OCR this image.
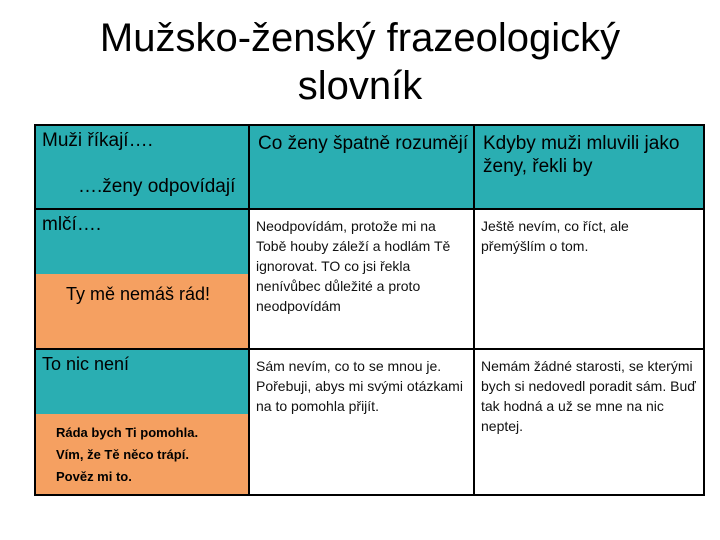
Mužsko-ženský frazeologický
slovník
Muži říkají….
….ženy odpovídají	Co ženy špatně rozumějí	Kdyby muži mluvili jako ženy, řekli by

mlčí….
Ty mě nemáš rád!	Neodpovídám, protože mi na Tobě houby záleží a hodlám Tě ignorovat. TO co jsi řekla nenívůbec důležité a proto neodpovídám	Ještě nevím, co říct, ale přemýšlím o tom.

To nic není
Ráda bych Ti pomohla.
Vím, že Tě něco trápí.
Pověz mi to.	Sám nevím, co to se mnou je. Pořebuji, abys mi svými otázkami na to pomohla přijít.	Nemám žádné starosti, se kterými bych si nedovedl poradit sám. Buď tak hodná a už se mne na nic neptej.
